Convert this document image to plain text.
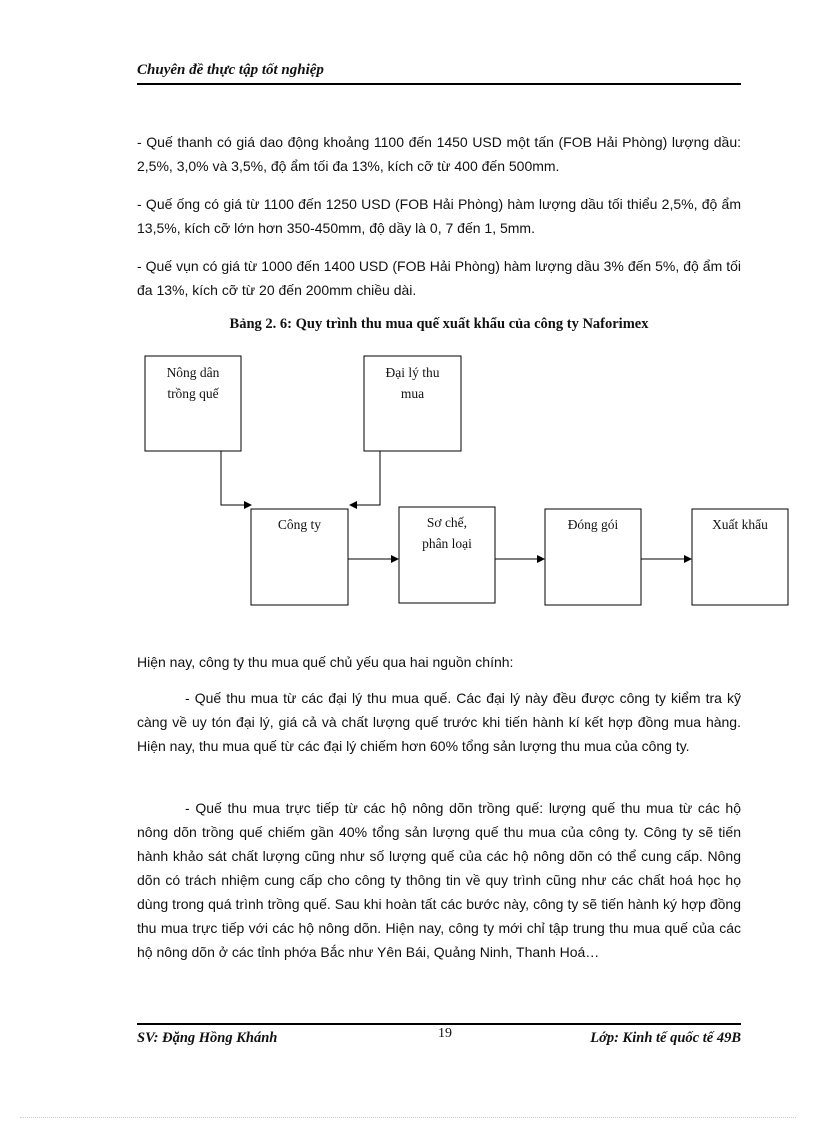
Chuyên đề thực tập tốt nghiệp

- Quế thanh có giá dao động khoảng 1100 đến 1450 USD một tấn (FOB Hải Phòng) lượng dầu: 2,5%, 3,0% và 3,5%, độ ẩm tối đa 13%, kích cỡ từ 400 đến 500mm.

- Quế ống có giá từ 1100 đến 1250 USD (FOB Hải Phòng) hàm lượng dầu tối thiểu 2,5%, độ ẩm 13,5%, kích cỡ lớn hơn 350-450mm, độ dầy là 0, 7 đến 1, 5mm.

- Quế vụn có giá từ 1000 đến 1400 USD (FOB Hải Phòng) hàm lượng dầu 3% đến 5%, độ ẩm tối đa 13%, kích cỡ từ 20 đến 200mm chiều dài.

Bảng 2. 6: Quy trình thu mua quế xuất khẩu của công ty Naforimex
Nông dân
trồng quế
Đại lý thu
mua
Công ty	Sơ chế,
phân loại
Đóng gói	Xuất khẩu

Hiện nay, công ty thu mua quế chủ yếu qua hai nguồn chính:

- Quế thu mua từ các đại lý thu mua quế. Các đại lý này đều được công ty kiểm tra kỹ càng về uy tón đại lý, giá cả và chất lượng quế trước khi tiến hành kí kết hợp đồng mua hàng. Hiện nay, thu mua quế từ các đại lý chiếm hơn 60% tổng sản lượng thu mua của công ty.

- Quế thu mua trực tiếp từ các hộ nông dõn trồng quế: lượng quế thu mua từ các hộ nông dõn trồng quế chiếm gần 40% tổng sản lượng quế thu mua của công ty. Công ty sẽ tiến hành khảo sát chất lượng cũng như số lượng quế của các hộ nông dõn có thể cung cấp. Nông dõn có trách nhiệm cung cấp cho công ty thông tin về quy trình cũng như các chất hoá học họ dùng trong quá trình trồng quế. Sau khi hoàn tất các bước này, công ty sẽ tiến hành ký hợp đồng thu mua trực tiếp với các hộ nông dõn. Hiện nay, công ty mới chỉ tập trung thu mua quế của các hộ nông dõn ở các tỉnh phớa Bắc như Yên Bái, Quảng Ninh, Thanh Hoá…

SV: Đặng Hồng Khánh	19	Lớp: Kinh tế quốc tế 49B
